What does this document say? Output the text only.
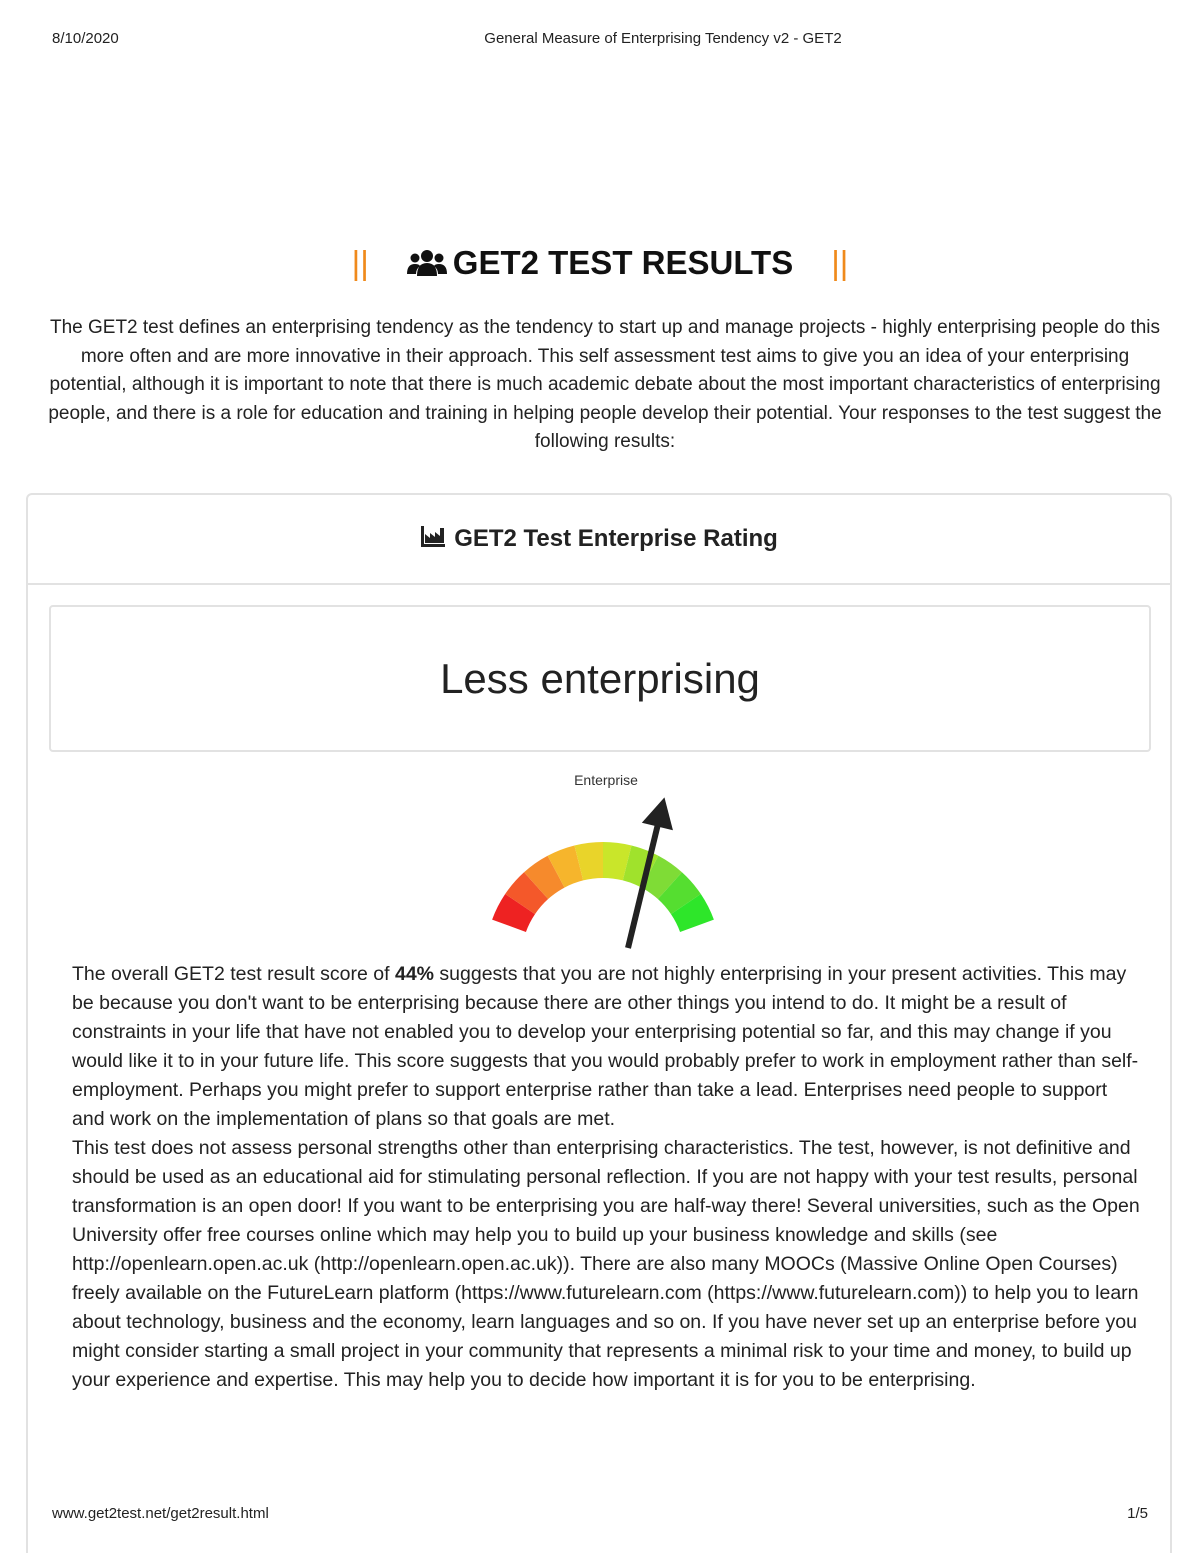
8/10/2020	General Measure of Enterprising Tendency v2 - GET2
||	GET2 TEST RESULTS ||
The GET2 test defines an enterprising tendency as the tendency to start up and manage projects - highly enterprising people do this more often and are more innovative in their approach. This self assessment test aims to give you an idea of your enterprising potential, although it is important to note that there is much academic debate about the most important characteristics of enterprising people, and there is a role for education and training in helping people develop their potential. Your responses to the test suggest the following results:
GET2 Test Enterprise Rating
Less enterprising
Enterprise

The overall GET2 test result score of 44% suggests that you are not highly enterprising in your present activities. This may be because you don't want to be enterprising because there are other things you intend to do. It might be a result of constraints in your life that have not enabled you to develop your enterprising potential so far, and this may change if you would like it to in your future life. This score suggests that you would probably prefer to work in employment rather than self-employment. Perhaps you might prefer to support enterprise rather than take a lead. Enterprises need people to support and work on the implementation of plans so that goals are met.

This test does not assess personal strengths other than enterprising characteristics. The test, however, is not definitive and should be used as an educational aid for stimulating personal reflection. If you are not happy with your test results, personal transformation is an open door! If you want to be enterprising you are half-way there! Several universities, such as the Open University offer free courses online which may help you to build up your business knowledge and skills (see http://openlearn.open.ac.uk (http://openlearn.open.ac.uk)). There are also many MOOCs (Massive Online Open Courses) freely available on the FutureLearn platform (https://www.futurelearn.com (https://www.futurelearn.com)) to help you to learn about technology, business and the economy, learn languages and so on. If you have never set up an enterprise before you might consider starting a small project in your community that represents a minimal risk to your time and money, to build up your experience and expertise. This may help you to decide how important it is for you to be enterprising.

www.get2test.net/get2result.html	1/5
